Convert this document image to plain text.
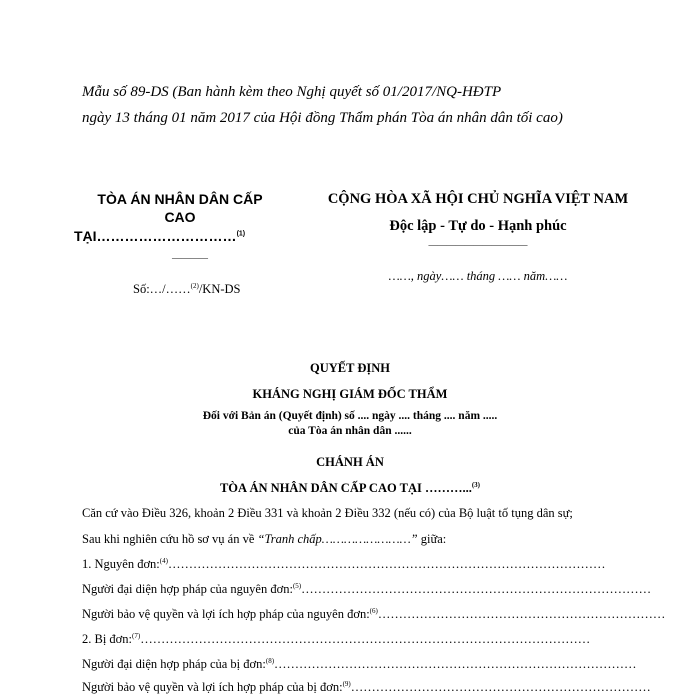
Mẫu số 89-DS (Ban hành kèm theo Nghị quyết số 01/2017/NQ-HĐTP
ngày 13 tháng 01 năm 2017 của Hội đồng Thẩm phán Tòa án nhân dân tối cao)
TÒA ÁN NHÂN DÂN CẤP
CAO
TẠI…………………………$^{(1)}$
————
Số:…/……$^{(2)}$/KN-DS
CỘNG HÒA XÃ HỘI CHỦ NGHĨA VIỆT NAM
Độc lập - Tự do - Hạnh phúc
———————————
……, ngày…… tháng …… năm……
QUYẾT ĐỊNH
KHÁNG NGHỊ GIÁM ĐỐC THẨM
Đối với Bản án (Quyết định) số .... ngày .... tháng .... năm .....
của Tòa án nhân dân ......
CHÁNH ÁN
TÒA ÁN NHÂN DÂN CẤP CAO TẠI ………...$^{(3)}$
Căn cứ vào Điều 326, khoản 2 Điều 331 và khoản 2 Điều 332 (nếu có) của Bộ luật tố tụng dân sự;
Sau khi nghiên cứu hồ sơ vụ án về “Tranh chấp……………………” giữa:
1. Nguyên đơn:$^{(4)}$……………………………………………………………………………………………
Người đại diện hợp pháp của nguyên đơn:$^{(5)}$…………………………………………………………………………
Người bảo vệ quyền và lợi ích hợp pháp của nguyên đơn:$^{(6)}$……………………………………………………………
2. Bị đơn:$^{(7)}$………………………………………………………………………………………………
Người đại diện hợp pháp của bị đơn:$^{(8)}$……………………………………………………………………………
Người bảo vệ quyền và lợi ích hợp pháp của bị đơn:$^{(9)}$………………………………………………………………
